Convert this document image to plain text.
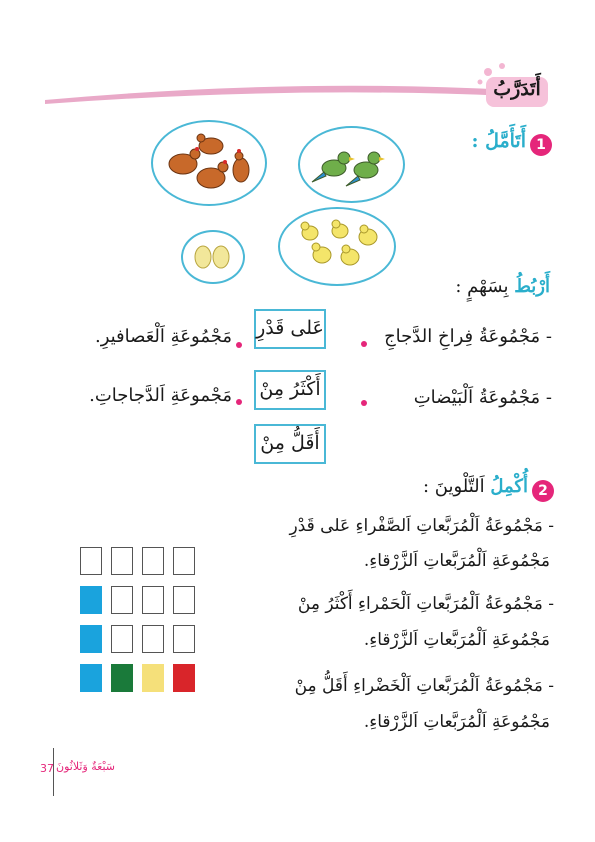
أَتَدَرَّبُ
1
أَتَأَمَّلُ :
أَرْبُطُ بِسَهْمٍ :
- مَجْمُوعَةُ فِراخِ الدَّجاجِ
- مَجْمُوعَةُ اَلْبَيْضاتِ
عَلى قَدْرِ
أَكْثَرُ مِنْ
أَقَلُّ مِنْ
مَجْمُوعَةِ اَلْعَصافيرِ.
مَجْموعَةِ اَلدَّجاجاتِ.
2
أُكْمِلُ اَلتَّلْوينَ :
- مَجْمُوعَةُ اَلْمُرَبَّعاتِ اَلصَّفْراءِ عَلى قَدْرِ
مَجْمُوعَةِ اَلْمُرَبَّعاتِ اَلزَّرْقاءِ.
- مَجْمُوعَةُ اَلْمُرَبَّعاتِ اَلْحَمْراءِ أَكْثَرُ مِنْ
مَجْمُوعَةِ اَلْمُرَبَّعاتِ اَلزَّرْقاءِ.
- مَجْمُوعَةُ اَلْمُرَبَّعاتِ اَلْخَضْراءِ أَقَلُّ مِنْ
مَجْمُوعَةِ اَلْمُرَبَّعاتِ اَلزَّرْقاءِ.
37 سَبْعَةٌ وَثَلاثُونَ
